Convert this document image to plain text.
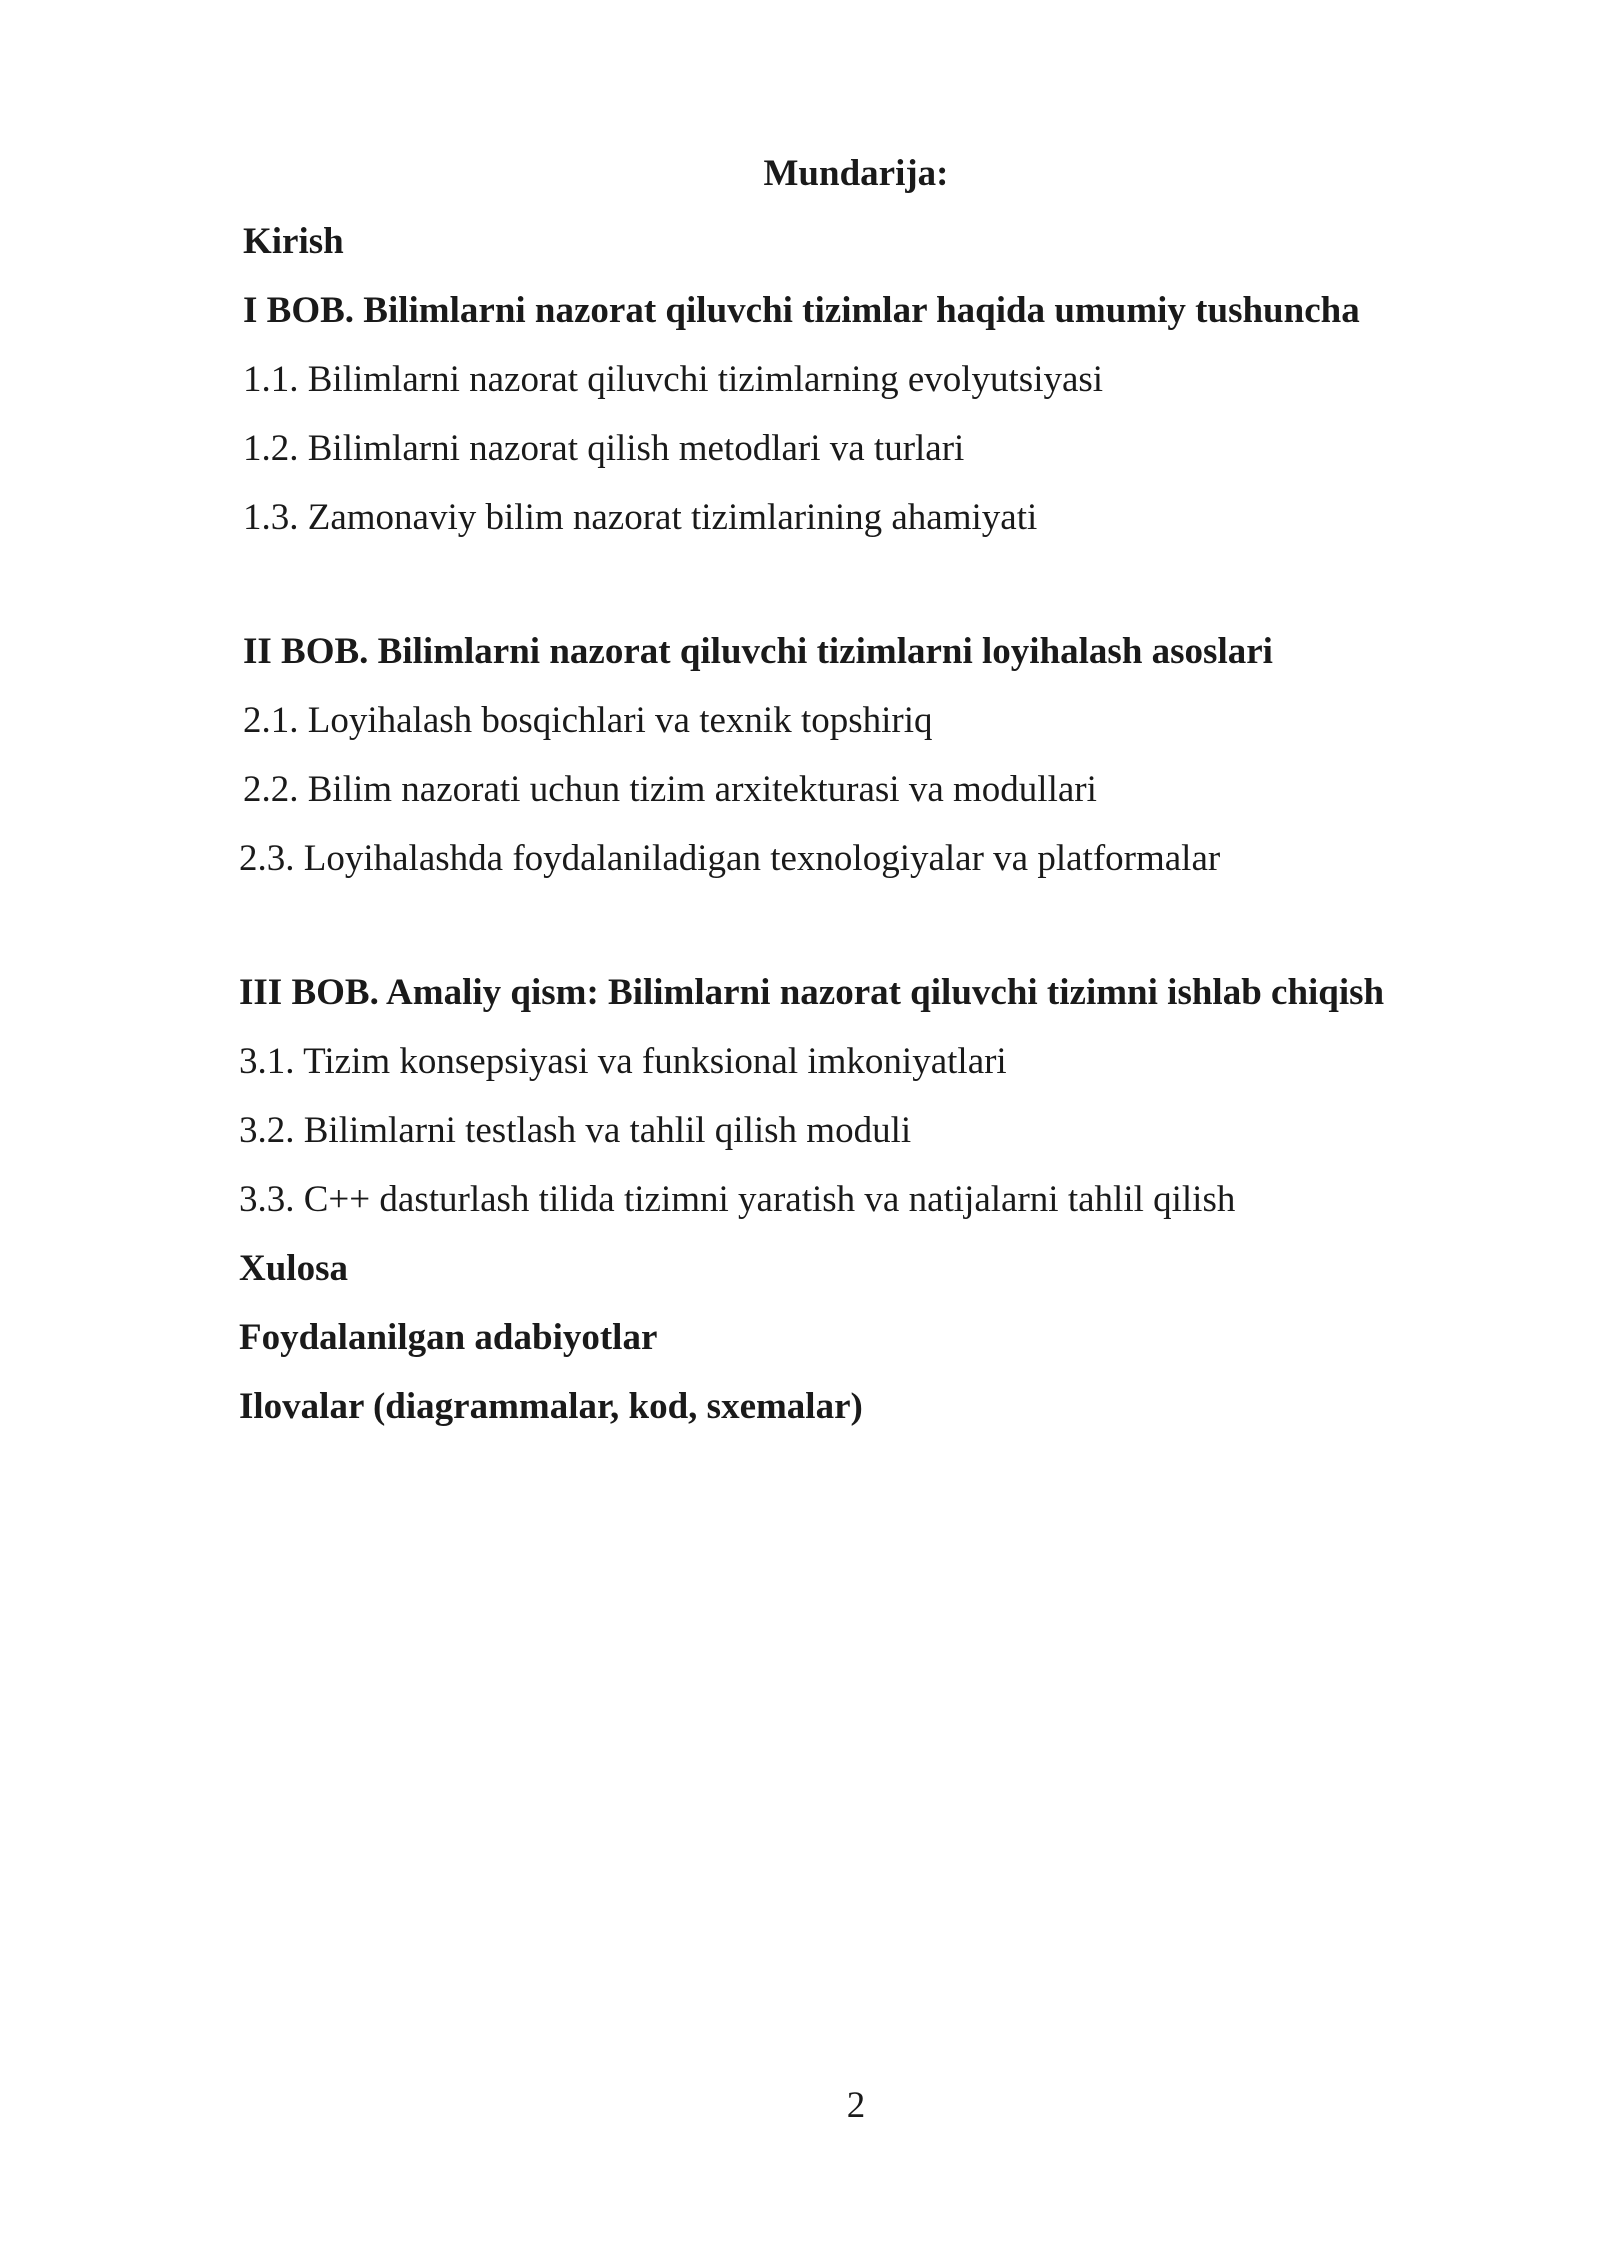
Mundarija:

Kirish

I BOB. Bilimlarni nazorat qiluvchi tizimlar haqida umumiy tushuncha

1.1. Bilimlarni nazorat qiluvchi tizimlarning evolyutsiyasi

1.2. Bilimlarni nazorat qilish metodlari va turlari

1.3. Zamonaviy bilim nazorat tizimlarining ahamiyati

II BOB. Bilimlarni nazorat qiluvchi tizimlarni loyihalash asoslari

2.1. Loyihalash bosqichlari va texnik topshiriq

2.2. Bilim nazorati uchun tizim arxitekturasi va modullari

2.3. Loyihalashda foydalaniladigan texnologiyalar va platformalar

III BOB. Amaliy qism: Bilimlarni nazorat qiluvchi tizimni ishlab chiqish

3.1. Tizim konsepsiyasi va funksional imkoniyatlari

3.2. Bilimlarni testlash va tahlil qilish moduli

3.3. C++ dasturlash tilida tizimni yaratish va natijalarni tahlil qilish

Xulosa

Foydalanilgan adabiyotlar

Ilovalar (diagrammalar, kod, sxemalar)

2
